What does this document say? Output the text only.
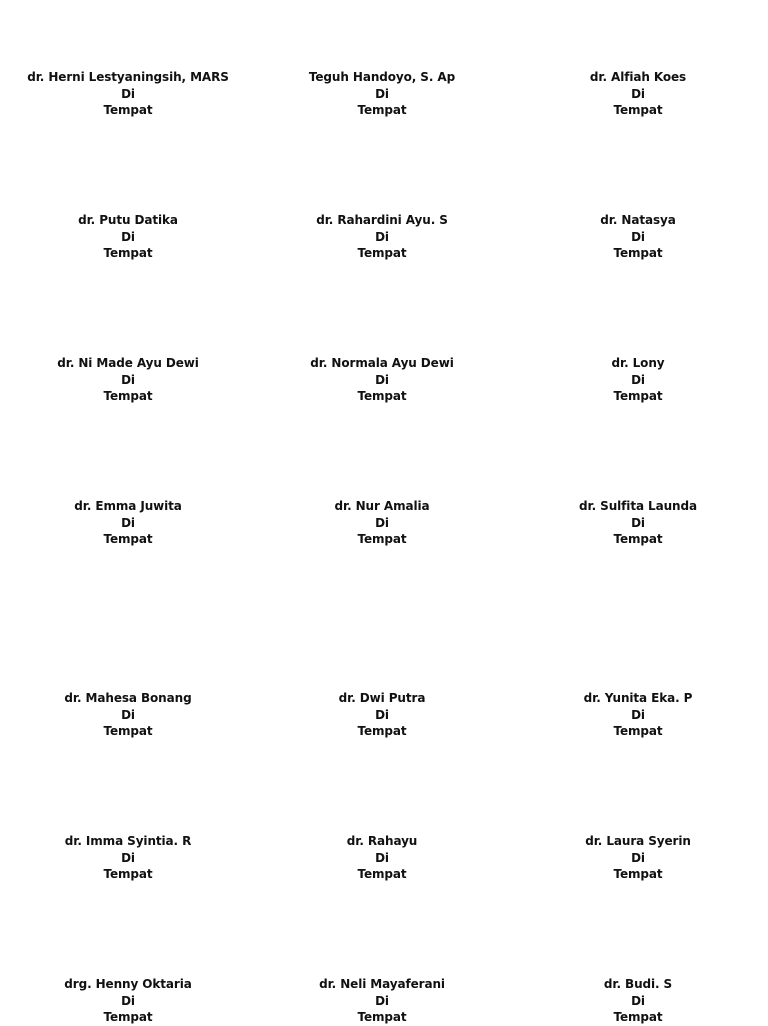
dr. Herni Lestyaningsih, MARS
Di
Tempat
Teguh Handoyo, S. Ap
Di
Tempat
dr. Alfiah Koes
Di
Tempat
dr. Putu Datika
Di
Tempat
dr. Rahardini Ayu. S
Di
Tempat
dr. Natasya
Di
Tempat
dr. Ni Made Ayu Dewi
Di
Tempat
dr. Normala Ayu Dewi
Di
Tempat
dr. Lony
Di
Tempat
dr. Emma Juwita
Di
Tempat
dr. Nur Amalia
Di
Tempat
dr. Sulfita Launda
Di
Tempat
dr. Mahesa Bonang
Di
Tempat
dr. Dwi Putra
Di
Tempat
dr. Yunita Eka. P
Di
Tempat
dr. Imma Syintia. R
Di
Tempat
dr. Rahayu
Di
Tempat
dr. Laura Syerin
Di
Tempat
drg. Henny Oktaria
Di
Tempat
dr. Neli Mayaferani
Di
Tempat
dr. Budi. S
Di
Tempat
